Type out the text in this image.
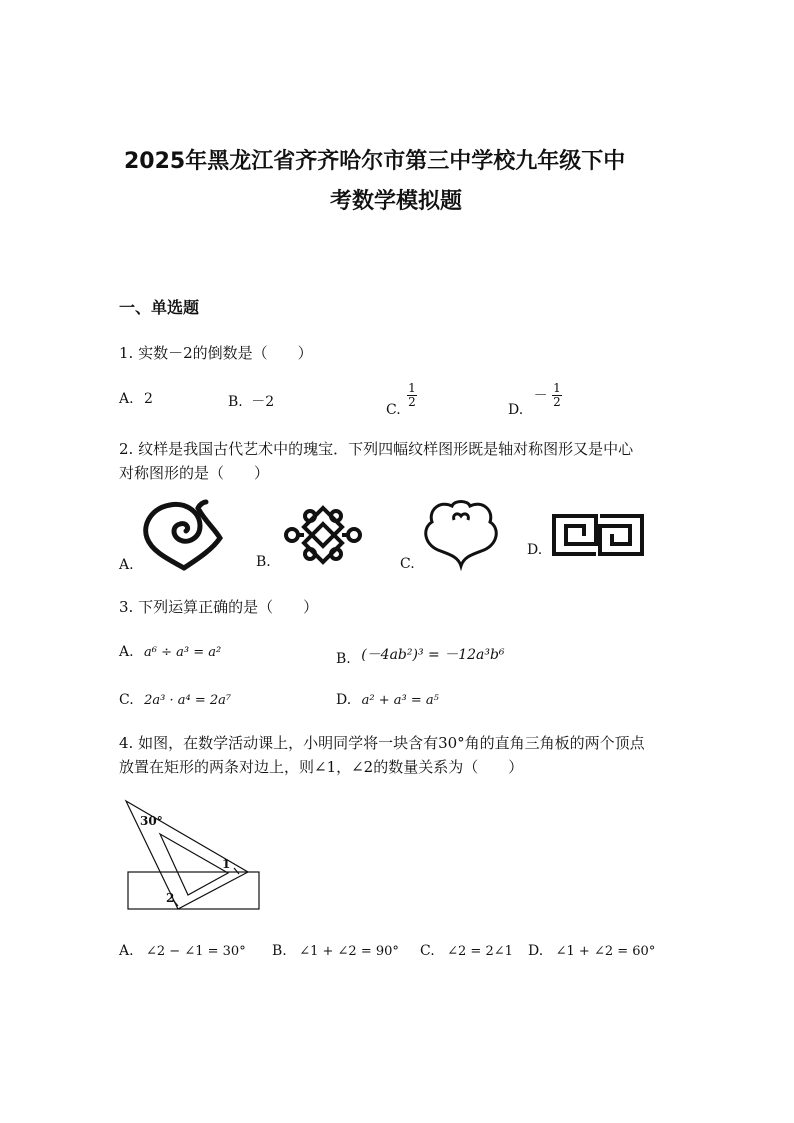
2025年黑龙江省齐齐哈尔市第三中学校九年级下中
考数学模拟题
一、单选题
1. 实数－2的倒数是（　　）
A. 2	B. －2	C.
$\frac{1}{2}$
D. － $\frac{1}{2}$
2. 纹样是我国古代艺术中的瑰宝．下列四幅纹样图形既是轴对称图形又是中心
对称图形的是（　　）
A.	B.	C.
D.
3. 下列运算正确的是（　　）
A. a⁶ ÷ a³ = a²	B. (－4ab²)³ = －12a³b⁶
C. 2a³ · a⁴ = 2a⁷	D. a² + a³ = a⁵
4. 如图，在数学活动课上，小明同学将一块含有30°角的直角三角板的两个顶点
放置在矩形的两条对边上，则∠1，∠2的数量关系为（　　）
30°
1
2
A. ∠2 − ∠1 = 30° B. ∠1 + ∠2 = 90° C. ∠2 = 2∠1 D. ∠1 + ∠2 = 60°
